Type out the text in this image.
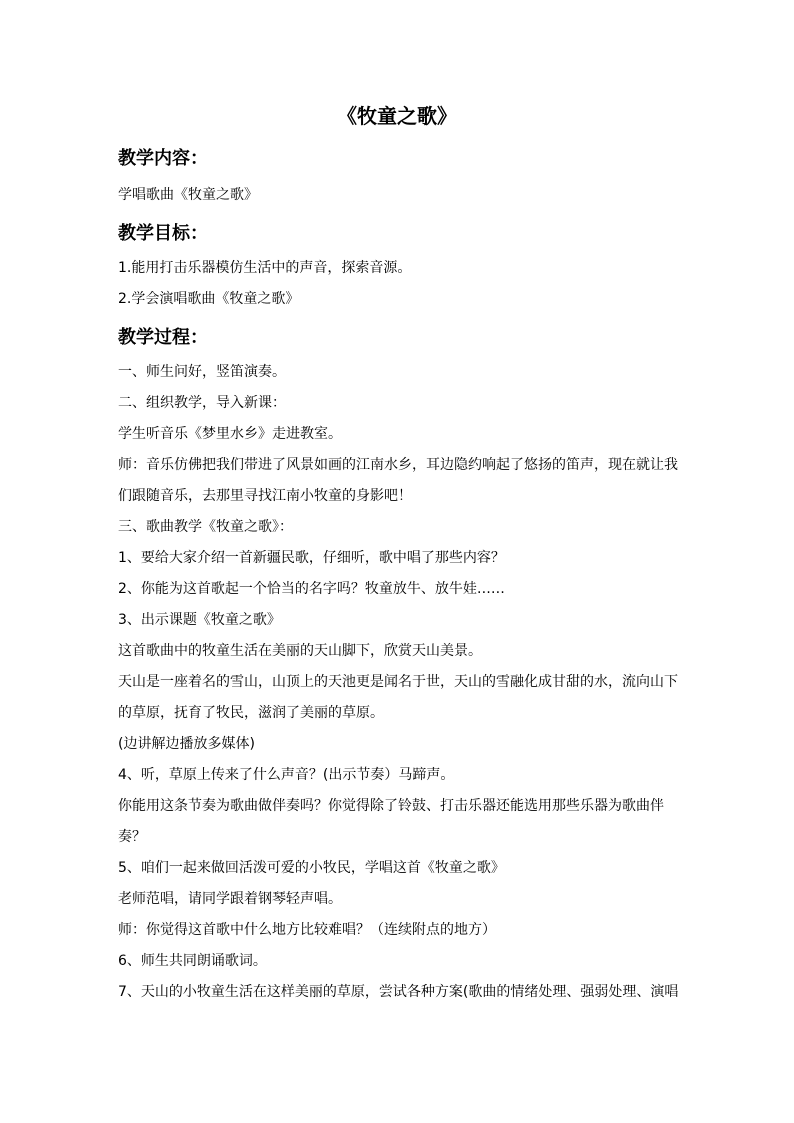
《牧童之歌》
教学内容：
学唱歌曲《牧童之歌》
教学目标：
1.能用打击乐器模仿生活中的声音，探索音源。
2.学会演唱歌曲《牧童之歌》
教学过程：
一、师生问好，竖笛演奏。
二、组织教学，导入新课：
学生听音乐《梦里水乡》走进教室。
师：音乐仿佛把我们带进了风景如画的江南水乡，耳边隐约响起了悠扬的笛声，现在就让我们跟随音乐，去那里寻找江南小牧童的身影吧！
三、歌曲教学《牧童之歌》：
1、要给大家介绍一首新疆民歌，仔细听，歌中唱了那些内容？
2、你能为这首歌起一个恰当的名字吗？牧童放牛、放牛娃……
3、出示课题《牧童之歌》
这首歌曲中的牧童生活在美丽的天山脚下，欣赏天山美景。
天山是一座着名的雪山，山顶上的天池更是闻名于世，天山的雪融化成甘甜的水，流向山下的草原，抚育了牧民，滋润了美丽的草原。
(边讲解边播放多媒体)
4、听，草原上传来了什么声音？(出示节奏）马蹄声。
你能用这条节奏为歌曲做伴奏吗？你觉得除了铃鼓、打击乐器还能选用那些乐器为歌曲伴奏？
5、咱们一起来做回活泼可爱的小牧民，学唱这首《牧童之歌》
老师范唱，请同学跟着钢琴轻声唱。
师：你觉得这首歌中什么地方比较难唱？（连续附点的地方）
6、师生共同朗诵歌词。
7、天山的小牧童生活在这样美丽的草原，尝试各种方案(歌曲的情绪处理、强弱处理、演唱
